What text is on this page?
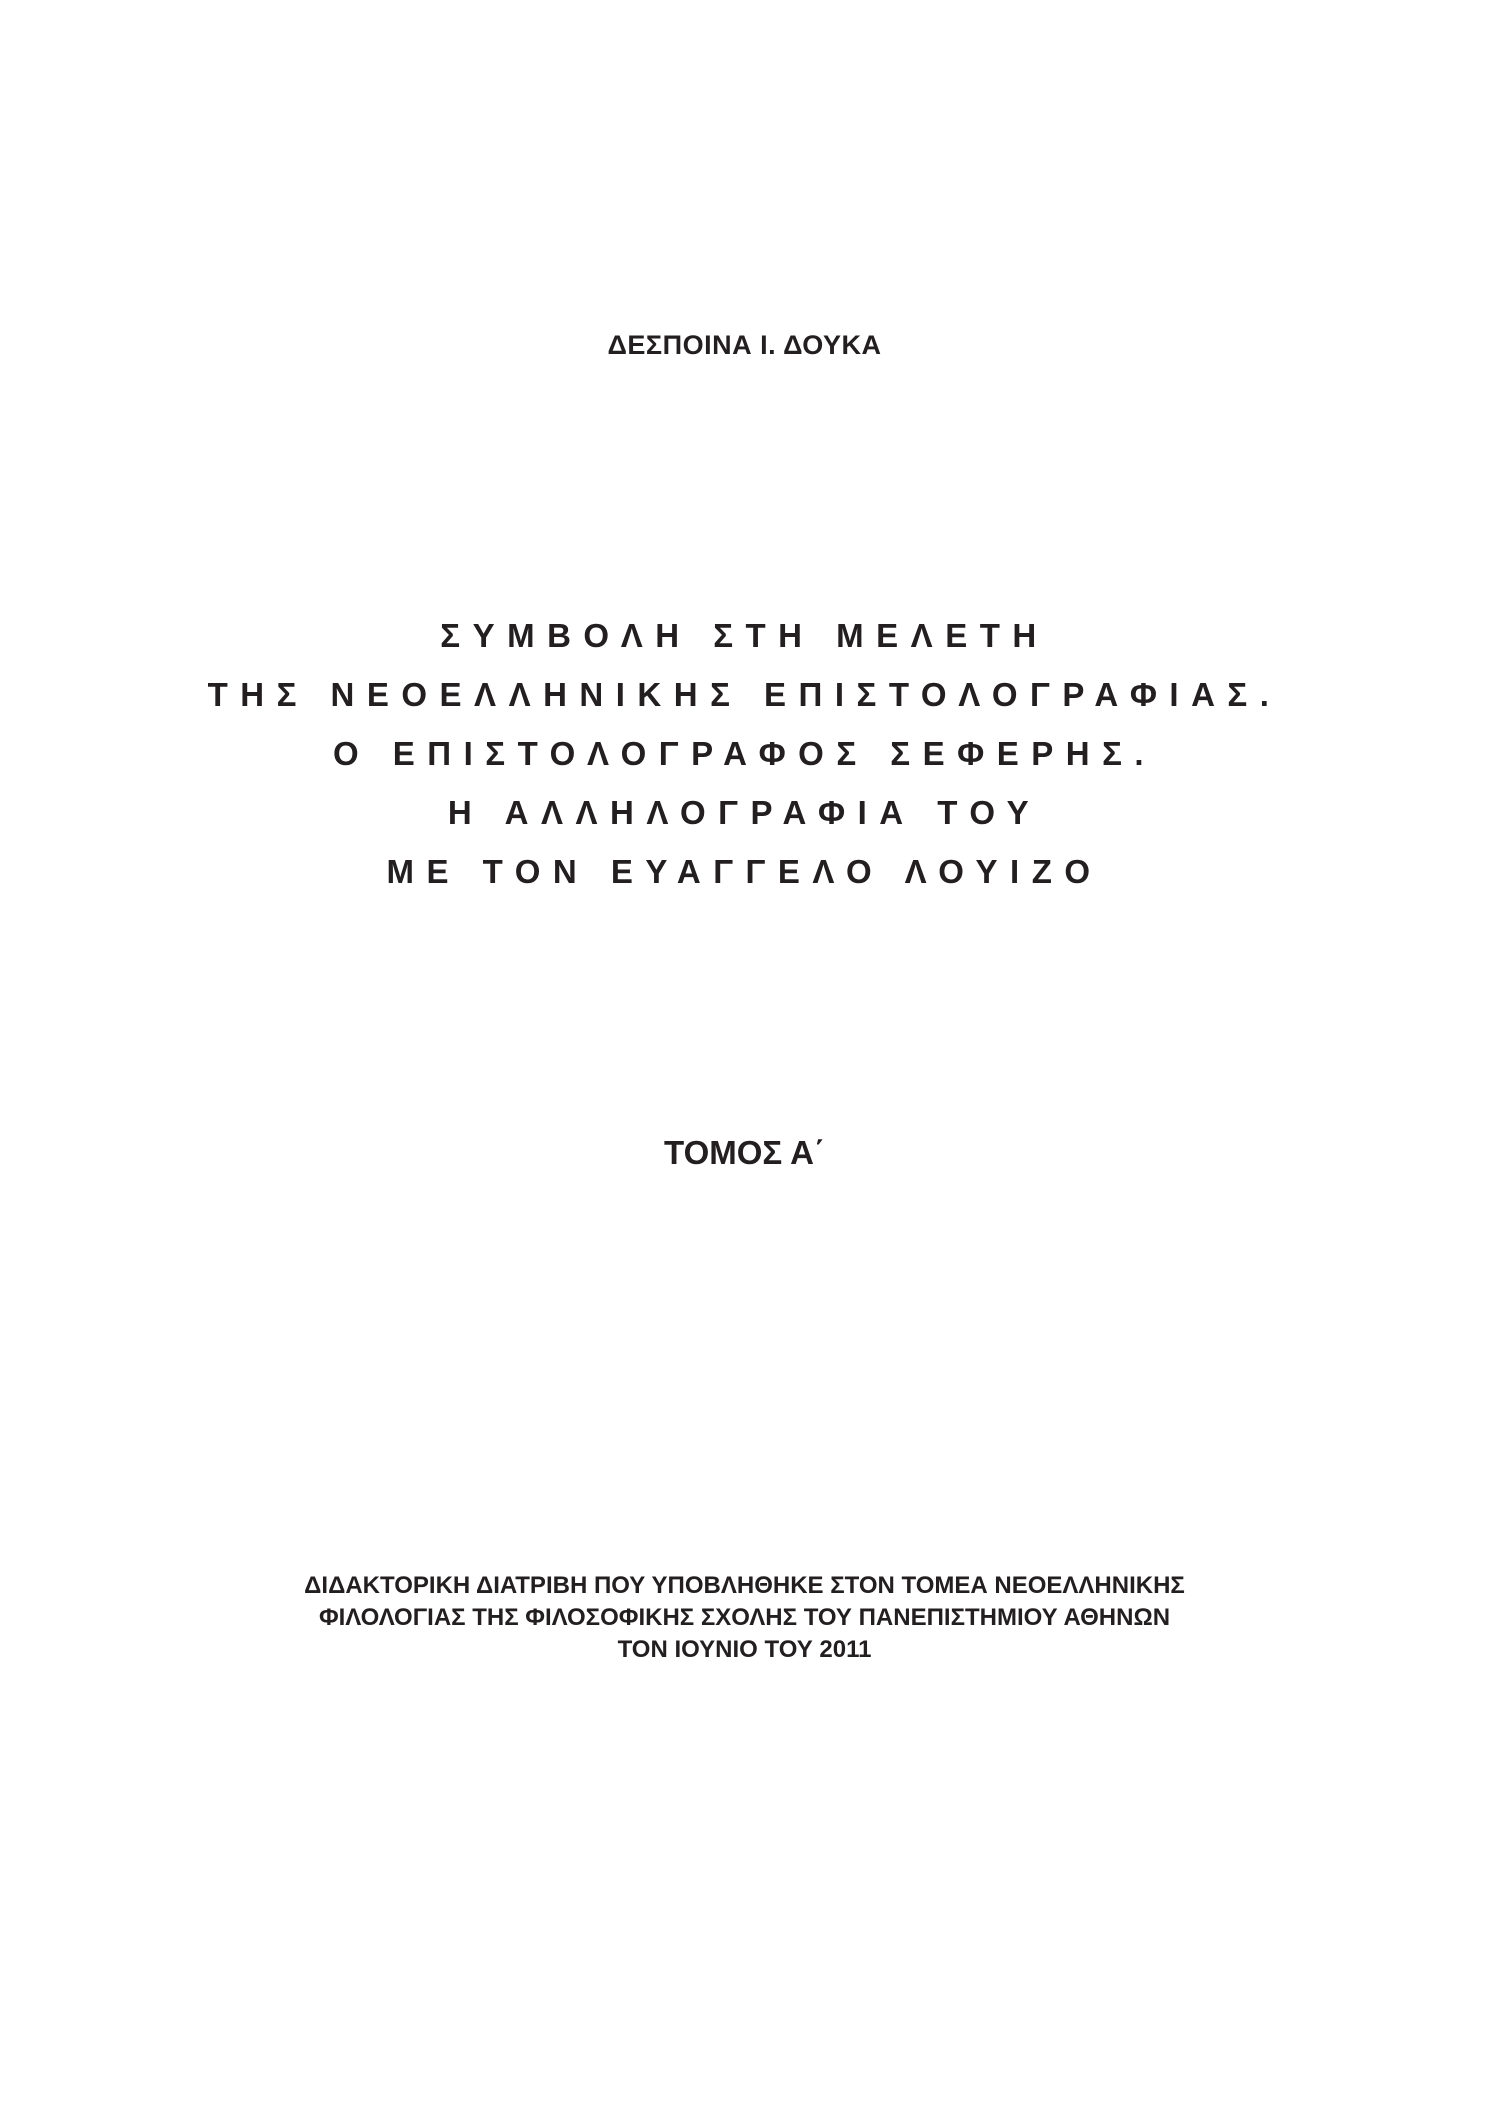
ΔΕΣΠΟΙΝΑ Ι. ΔΟΥΚΑ
ΣΥΜΒΟΛΗ ΣΤΗ ΜΕΛΕΤΗ
ΤΗΣ ΝΕΟΕΛΛΗΝΙΚΗΣ ΕΠΙΣΤΟΛΟΓΡΑΦΙΑΣ.
Ο ΕΠΙΣΤΟΛΟΓΡΑΦΟΣ ΣΕΦΕΡΗΣ.
Η ΑΛΛΗΛΟΓΡΑΦΙΑ ΤΟΥ
ΜΕ ΤΟΝ ΕΥΑΓΓΕΛΟ ΛΟΥΙΖΟ
ΤΟΜΟΣ Α΄
ΔΙΔΑΚΤΟΡΙΚΗ ΔΙΑΤΡΙΒΗ ΠΟΥ ΥΠΟΒΛΗΘΗΚΕ ΣΤΟΝ ΤΟΜΕΑ ΝΕΟΕΛΛΗΝΙΚΗΣ
ΦΙΛΟΛΟΓΙΑΣ ΤΗΣ ΦΙΛΟΣΟΦΙΚΗΣ ΣΧΟΛΗΣ ΤΟΥ ΠΑΝΕΠΙΣΤΗΜΙΟΥ ΑΘΗΝΩΝ
ΤΟΝ ΙΟΥΝΙΟ ΤΟΥ 2011
